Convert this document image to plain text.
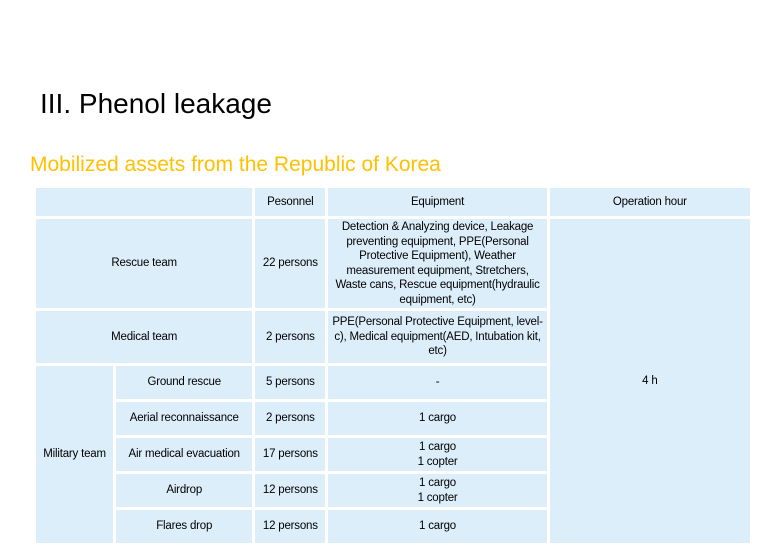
III. Phenol leakage
Mobilized assets from the Republic of Korea
		Pesonnel	Equipment	Operation hour
Rescue team		22 persons	Detection & Analyzing device, Leakage preventing equipment, PPE(Personal Protective Equipment), Weather measurement equipment, Stretchers, Waste cans, Rescue equipment(hydraulic equipment, etc)	4 h
Medical team		2 persons	PPE(Personal Protective Equipment, level-c), Medical equipment(AED, Intubation kit, etc)	
Military team	Ground rescue	5 persons	-	
	Aerial reconnaissance	2 persons	1 cargo	
	Air medical evacuation	17 persons	1 cargo
1 copter	

	Airdrop	12 persons	1 cargo
1 copter	

	Flares drop	12 persons	1 cargo	
